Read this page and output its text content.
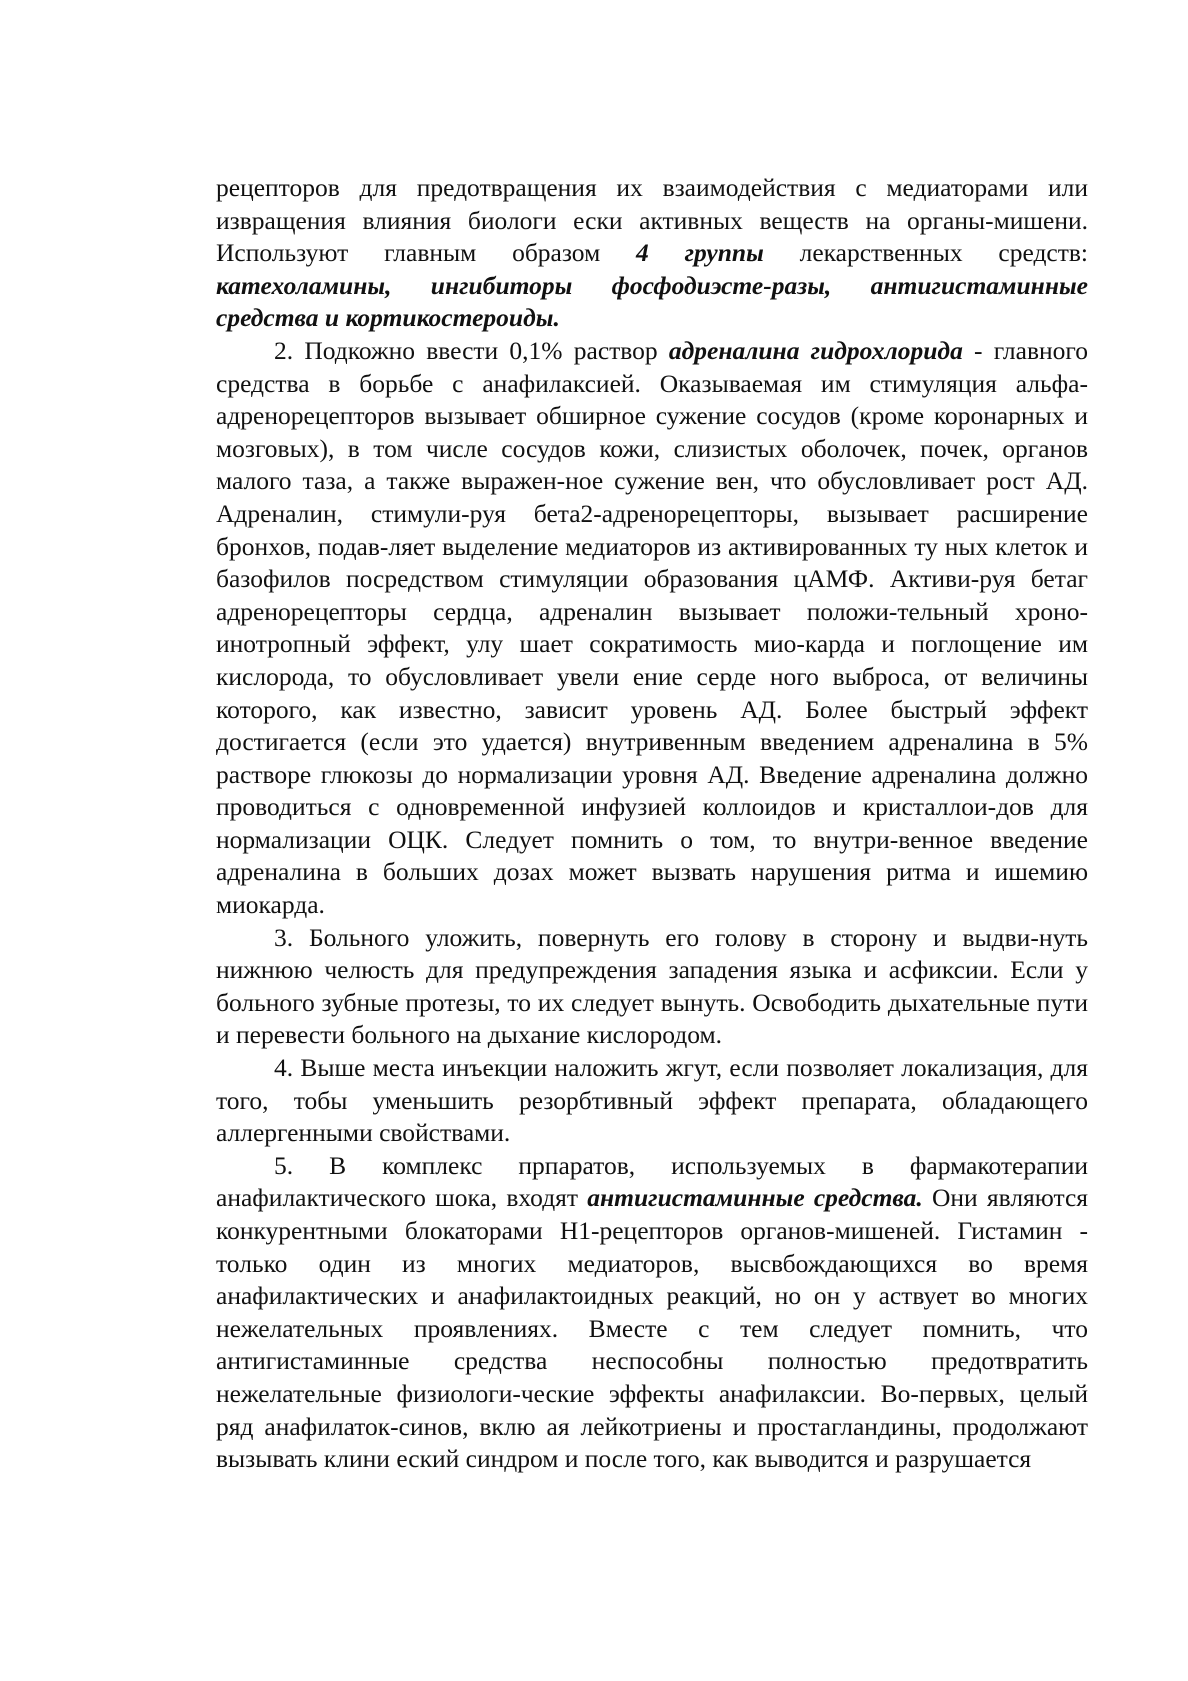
рецепторов для предотвращения их взаимодействия с медиаторами или извращения влияния биологи ески активных веществ на органы-мишени. Используют главным образом 4 группы лекарственных средств: катехоламины, ингибиторы фосфодиэсте-разы, антигистаминные средства и кортикостероиды.

2. Подкожно ввести 0,1% раствор адреналина гидрохлорида - главного средства в борьбе с анафилаксией. Оказываемая им стимуляция альфа-адренорецепторов вызывает обширное сужение сосудов (кроме коронарных и мозговых), в том числе сосудов кожи, слизистых оболочек, почек, органов малого таза, а также выражен-ное сужение вен, что обусловливает рост АД. Адреналин, стимули-руя бета2-адренорецепторы, вызывает расширение бронхов, подав-ляет выделение медиаторов из активированных ту ных клеток и базофилов посредством стимуляции образования цАМФ. Активи-руя бетаг адренорецепторы сердца, адреналин вызывает положи-тельный хроно-инотропный эффект, улу шает сократимость мио-карда и поглощение им кислорода, то обусловливает увели ение серде ного выброса, от величины которого, как известно, зависит уровень АД. Более быстрый эффект достигается (если это удается) внутривенным введением адреналина в 5% растворе глюкозы до нормализации уровня АД. Введение адреналина должно проводиться с одновременной инфузией коллоидов и кристаллои-дов для нормализации ОЦК. Следует помнить о том, то внутри-венное введение адреналина в больших дозах может вызвать нарушения ритма и ишемию миокарда.

3. Больного уложить, повернуть его голову в сторону и выдви-нуть нижнюю челюсть для предупреждения западения языка и асфиксии. Если у больного зубные протезы, то их следует вынуть. Освободить дыхательные пути и перевести больного на дыхание кислородом.

4. Выше места инъекции наложить жгут, если позволяет локализация, для того, тобы уменьшить резорбтивный эффект препарата, обладающего аллергенными свойствами.

5. В комплекс прпаратов, используемых в фармакотерапии анафилактического шока, входят антигистаминные средства. Они являются конкурентными блокаторами Н1-рецепторов органов-мишеней. Гистамин - только один из многих медиаторов, высвбождающихся во время анафилактических и анафилактоидных реакций, но он у аствует во многих нежелательных проявлениях. Вместе с тем следует помнить, что антигистаминные средства неспособны полностью предотвратить нежелательные физиологи-ческие эффекты анафилаксии. Во-первых, целый ряд анафилаток-синов, вклю ая лейкотриены и простагландины, продолжают вызывать клини еский синдром и после того, как выводится и разрушается
